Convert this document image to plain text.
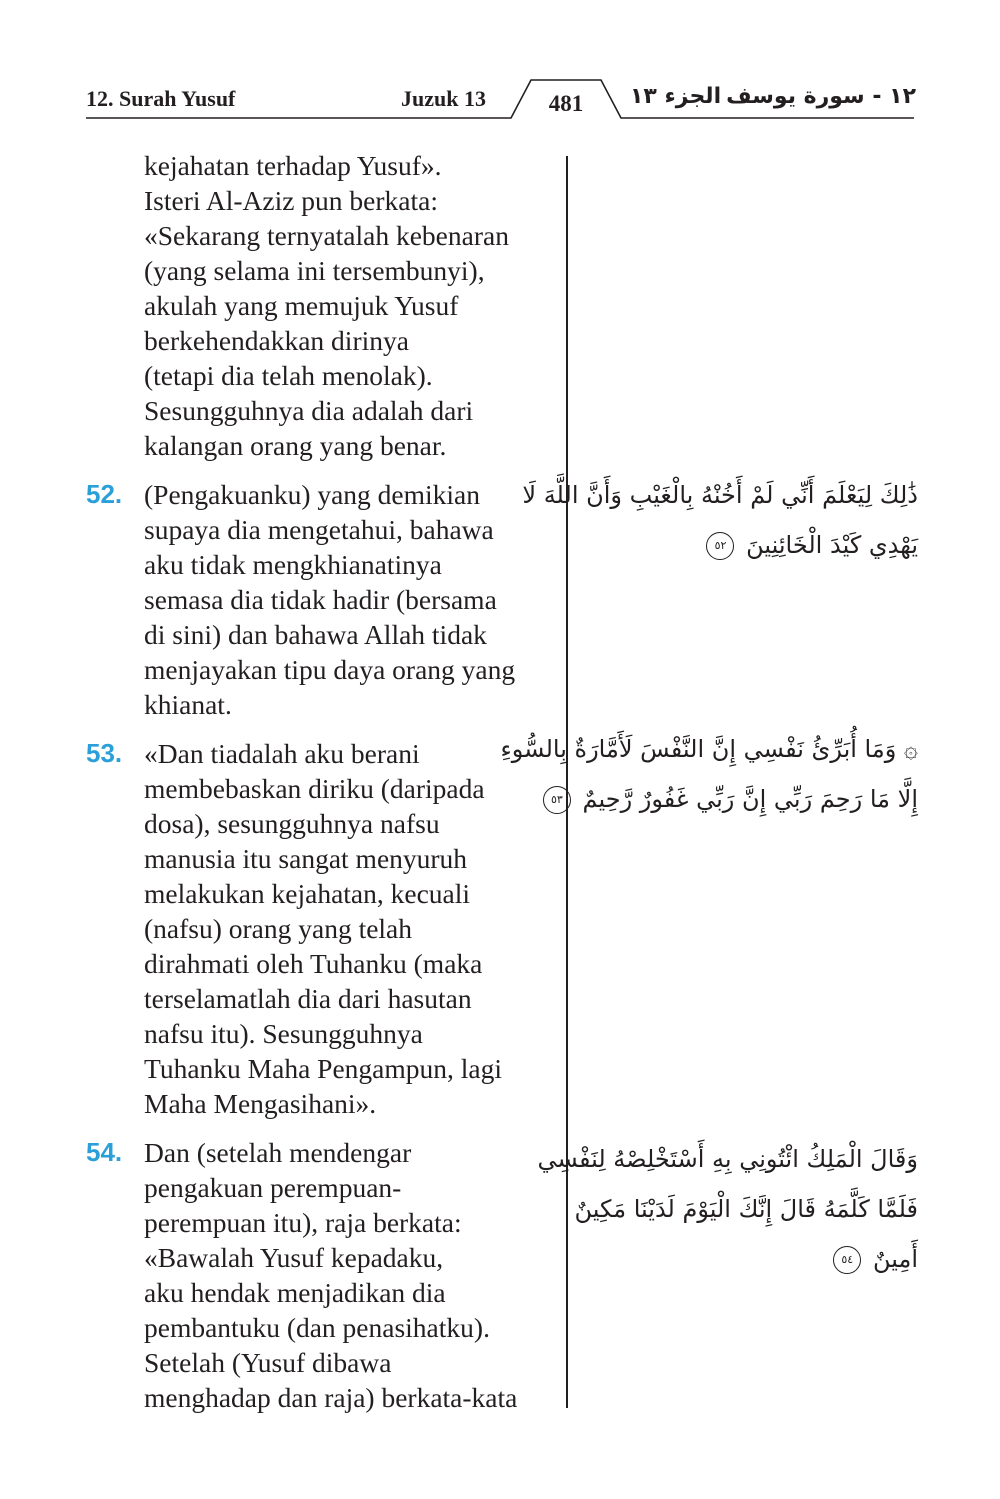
12. Surah Yusuf	Juzuk 13	481	الجزء ١٣ ١٢ - سورة يوسف
kejahatan terhadap Yusuf».
Isteri Al-Aziz pun berkata:
«Sekarang ternyatalah kebenaran
(yang selama ini tersembunyi),
akulah yang memujuk Yusuf
berkehendakkan dirinya
(tetapi dia telah menolak).
Sesungguhnya dia adalah dari
kalangan orang yang benar.
52. (Pengakuanku) yang demikian
supaya dia mengetahui, bahawa
aku tidak mengkhianatinya
semasa dia tidak hadir (bersama
di sini) dan bahawa Allah tidak
menjayakan tipu daya orang yang
khianat.
53. «Dan tiadalah aku berani
membebaskan diriku (daripada
dosa), sesungguhnya nafsu
manusia itu sangat menyuruh
melakukan kejahatan, kecuali
(nafsu) orang yang telah
dirahmati oleh Tuhanku (maka
terselamatlah dia dari hasutan
nafsu itu). Sesungguhnya
Tuhanku Maha Pengampun, lagi
Maha Mengasihani».
54. Dan (setelah mendengar
pengakuan perempuan-
perempuan itu), raja berkata:
«Bawalah Yusuf kepadaku,
aku hendak menjadikan dia
pembantuku (dan penasihatku).
Setelah (Yusuf dibawa
menghadap dan raja) berkata-kata
ذَٰلِكَ لِيَعْلَمَ أَنِّي لَمْ أَخُنْهُ بِالْغَيْبِ وَأَنَّ اللَّهَ لَا
يَهْدِي كَيْدَ الْخَائِنِينَ ٥٢
۞ وَمَا أُبَرِّئُ نَفْسِي إِنَّ النَّفْسَ لَأَمَّارَةٌ بِالسُّوءِ
إِلَّا مَا رَحِمَ رَبِّي إِنَّ رَبِّي غَفُورٌ رَّحِيمٌ ٥٣
وَقَالَ الْمَلِكُ ائْتُونِي بِهِ أَسْتَخْلِصْهُ لِنَفْسِي
فَلَمَّا كَلَّمَهُ قَالَ إِنَّكَ الْيَوْمَ لَدَيْنَا مَكِينٌ
أَمِينٌ ٥٤
